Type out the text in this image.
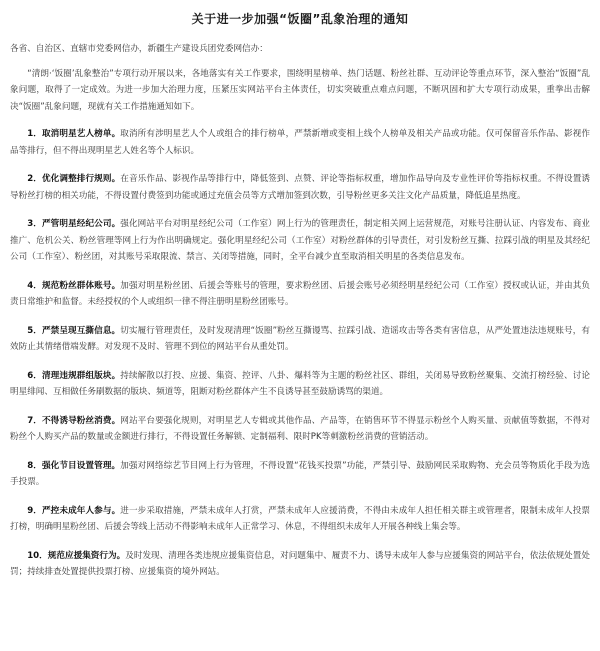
关于进一步加强“饭圈”乱象治理的通知
各省、自治区、直辖市党委网信办，新疆生产建设兵团党委网信办：
“清朗·‘饭圈’乱象整治”专项行动开展以来，各地落实有关工作要求，围绕明星榜单、热门话题、粉丝社群、互动评论等重点环节，深入整治“饭圈”乱象问题，取得了一定成效。为进一步加大治理力度，压紧压实网站平台主体责任，切实突破重点难点问题，不断巩固和扩大专项行动成果，重拳出击解决“饭圈”乱象问题，现就有关工作措施通知如下。
1．取消明星艺人榜单。取消所有涉明星艺人个人或组合的排行榜单，严禁新增或变相上线个人榜单及相关产品或功能。仅可保留音乐作品、影视作品等排行，但不得出现明星艺人姓名等个人标识。
2．优化调整排行规则。在音乐作品、影视作品等排行中，降低签到、点赞、评论等指标权重，增加作品导向及专业性评价等指标权重。不得设置诱导粉丝打榜的相关功能，不得设置付费签到功能或通过充值会员等方式增加签到次数，引导粉丝更多关注文化产品质量，降低追星热度。
3．严管明星经纪公司。强化网站平台对明星经纪公司（工作室）网上行为的管理责任，制定相关网上运营规范，对账号注册认证、内容发布、商业推广、危机公关、粉丝管理等网上行为作出明确规定。强化明星经纪公司（工作室）对粉丝群体的引导责任，对引发粉丝互撕、拉踩引战的明星及其经纪公司（工作室）、粉丝团，对其账号采取限流、禁言、关闭等措施，同时，全平台减少直至取消相关明星的各类信息发布。
4．规范粉丝群体账号。加强对明星粉丝团、后援会等账号的管理，要求粉丝团、后援会账号必须经明星经纪公司（工作室）授权或认证，并由其负责日常维护和监督。未经授权的个人或组织一律不得注册明星粉丝团账号。
5．严禁呈现互撕信息。切实履行管理责任，及时发现清理“饭圈”粉丝互撕谩骂、拉踩引战、造谣攻击等各类有害信息，从严处置违法违规账号，有效防止其情绪借端发酵。对发现不及时、管理不到位的网站平台从重处罚。
6．清理违规群组版块。持续解散以打投、应援、集资、控评、八卦、爆料等为主题的粉丝社区、群组，关闭易导致粉丝聚集、交流打榜经验、讨论明星绯闻、互相做任务刷数据的版块、频道等，阻断对粉丝群体产生不良诱导甚至鼓励诱骂的渠道。
7．不得诱导粉丝消费。网站平台要强化规则，对明星艺人专辑或其他作品、产品等，在销售环节不得显示粉丝个人购买量、贡献值等数据，不得对粉丝个人购买产品的数量或金额进行排行，不得设置任务解锁、定制福利、限时PK等刺激粉丝消费的营销活动。
8．强化节目设置管理。加强对网络综艺节目网上行为管理，不得设置“花钱买投票”功能，严禁引导、鼓励网民采取购物、充会员等物质化手段为选手投票。
9．严控未成年人参与。进一步采取措施，严禁未成年人打赏，严禁未成年人应援消费，不得由未成年人担任相关群主或管理者，限制未成年人投票打榜，明确明星粉丝团、后援会等线上活动不得影响未成年人正常学习、休息，不得组织未成年人开展各种线上集会等。
10．规范应援集资行为。及时发现、清理各类违规应援集资信息，对问题集中、履责不力、诱导未成年人参与应援集资的网站平台，依法依规处置处罚；持续排查处置提供投票打榜、应援集资的境外网站。
